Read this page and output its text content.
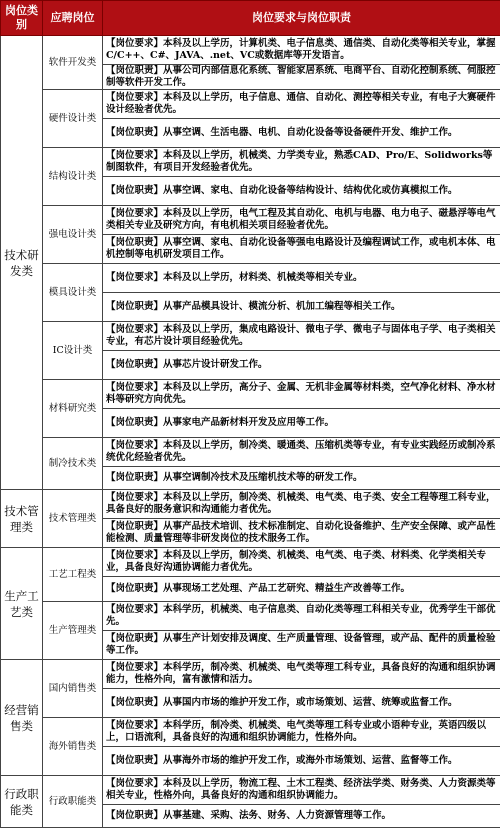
岗位类别	应聘岗位	岗位要求与岗位职责
技术研发类	软件开发类	【岗位要求】本科及以上学历，计算机类、电子信息类、通信类、自动化类等相关专业，掌握C/C++、C#、JAVA、.net、VC或数据库等开发语言。
		【岗位职责】从事公司内部信息化系统、智能家居系统、电商平台、自动化控制系统、伺服控制等软件开发工作。
	硬件设计类	【岗位要求】本科及以上学历，电子信息、通信、自动化、测控等相关专业，有电子大赛硬件设计经验者优先。
		【岗位职责】从事空调、生活电器、电机、自动化设备等设备硬件开发、维护工作。
	结构设计类	【岗位要求】本科及以上学历，机械类、力学类专业，熟悉CAD、Pro/E、Solidworks等制图软件，有项目开发经验者优先。
		【岗位职责】从事空调、家电、自动化设备等结构设计、结构优化或仿真模拟工作。
	强电设计类	【岗位要求】本科及以上学历，电气工程及其自动化、电机与电器、电力电子、磁悬浮等电气类相关专业及研究方向，有电机相关项目经验者优先。
		【岗位职责】从事空调、家电、自动化设备等强电电路设计及编程调试工作，或电机本体、电机控制等电机研发项目工作。
	模具设计类	【岗位要求】本科及以上学历，材料类、机械类等相关专业。
		【岗位职责】从事产品模具设计、模流分析、机加工编程等相关工作。
	IC设计类	【岗位要求】本科及以上学历，集成电路设计、微电子学、微电子与固体电子学、电子类相关专业，有芯片设计项目经验优先。
		【岗位职责】从事芯片设计研发工作。
	材料研究类	【岗位要求】本科及以上学历，高分子、金属、无机非金属等材料类，空气净化材料、净水材料等研究方向优先。
		【岗位职责】从事家电产品新材料开发及应用等工作。
	制冷技术类	【岗位要求】本科及以上学历，制冷类、暖通类、压缩机类等专业，有专业实践经历或制冷系统优化经验者优先。
		【岗位职责】从事空调制冷技术及压缩机技术等的研发工作。
技术管理类	技术管理类	【岗位要求】本科及以上学历，制冷类、机械类、电气类、电子类、安全工程等理工科专业，具备良好的服务意识和沟通能力者优先。
		【岗位职责】从事产品技术培训、技术标准制定、自动化设备维护、生产安全保障、或产品性能检测、质量管理等非研发岗位的技术服务工作。
生产工艺类	工艺工程类	【岗位要求】本科及以上学历，制冷类、机械类、电气类、电子类、材料类、化学类相关专业，具备良好沟通协调能力者优先。
		【岗位职责】从事现场工艺处理、产品工艺研究、精益生产改善等工作。
	生产管理类	【岗位要求】本科学历，机械类、电子信息类、自动化类等理工科相关专业，优秀学生干部优先。
		【岗位职责】从事生产计划安排及调度、生产质量管理、设备管理，或产品、配件的质量检验等工作。
经营销售类	国内销售类	【岗位要求】本科学历，制冷类、机械类、电气类等理工科专业，具备良好的沟通和组织协调能力，性格外向，富有激情和活力。
		【岗位职责】从事国内市场的维护开发工作，或市场策划、运营、统筹或监督工作。
	海外销售类	【岗位要求】本科学历，制冷类、机械类、电气类等理工科专业或小语种专业，英语四级以上，口语流利，具备良好的沟通和组织协调能力，性格外向。
		【岗位职责】从事海外市场的维护开发工作，或海外市场策划、运营、监督等工作。
行政职能类	行政职能类	【岗位要求】本科及以上学历，物流工程、土木工程类、经济法学类、财务类、人力资源类等相关专业，性格外向，具备良好的沟通和组织协调能力。
		【岗位职责】从事基建、采购、法务、财务、人力资源管理等工作。
